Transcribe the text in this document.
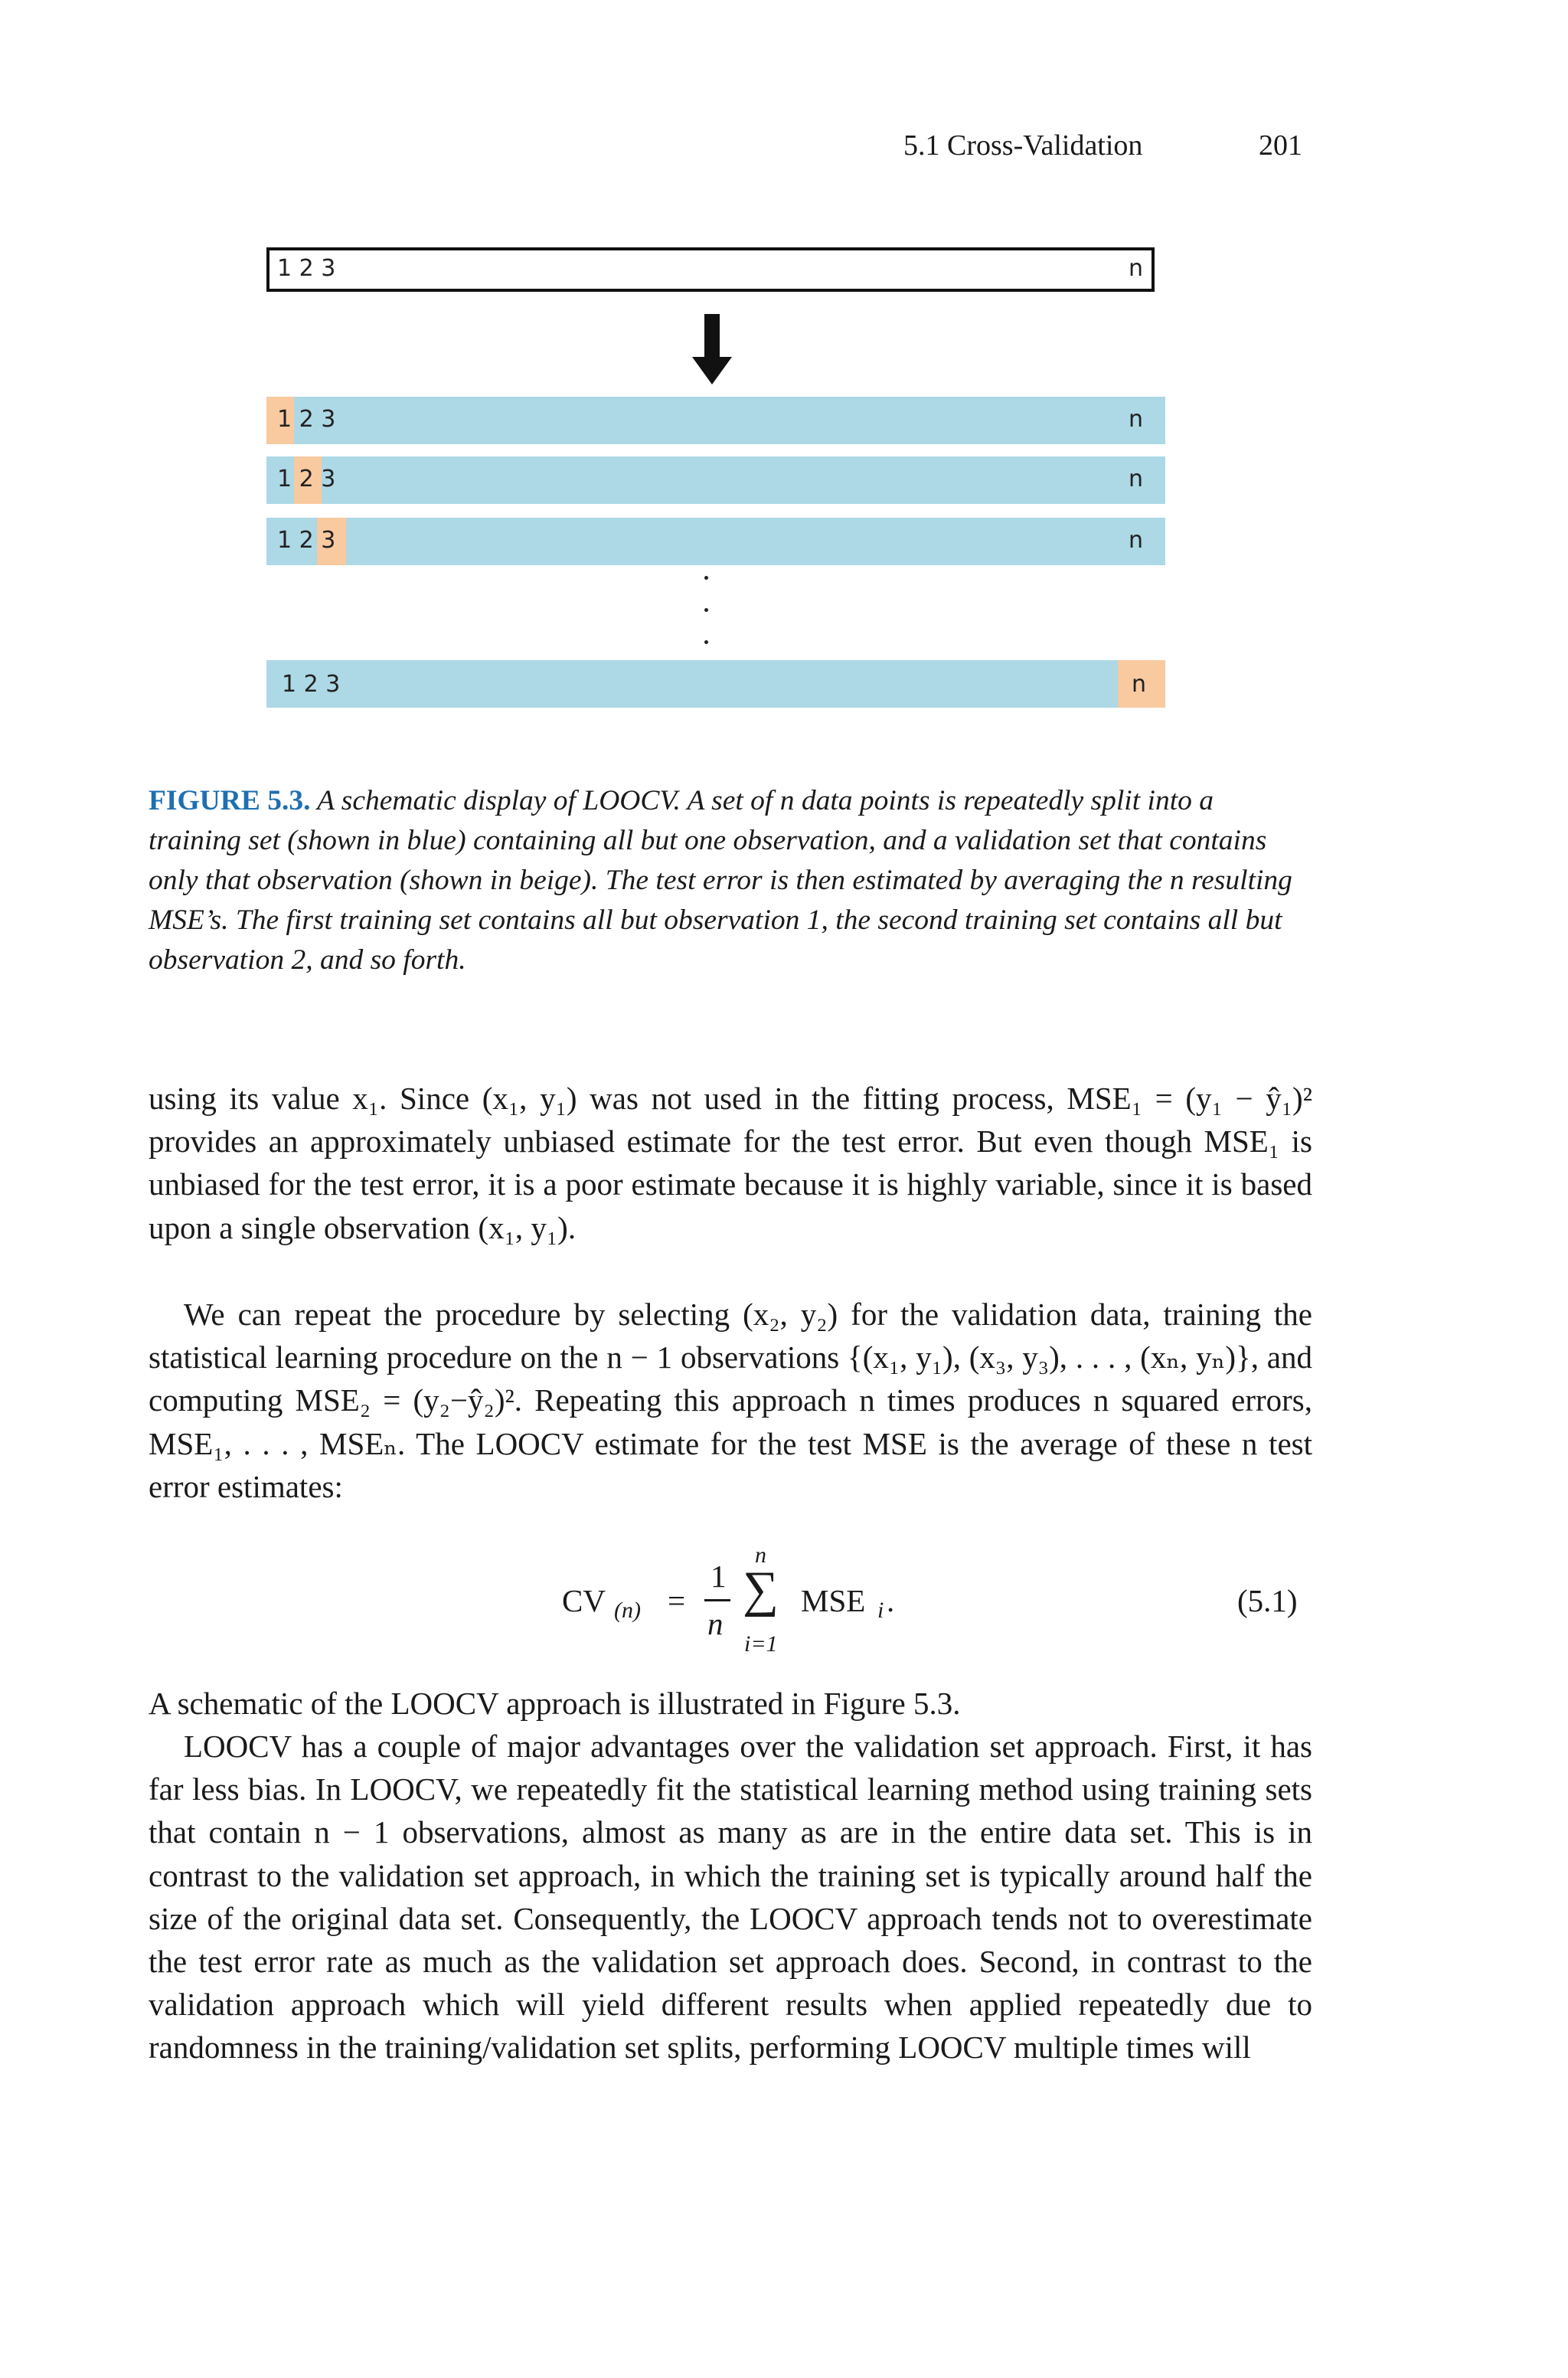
5.1 Cross-Validation	201
1 2 3	n
1 2 3	n
1 2 3	n
1 2 3	n
1 2 3	n
FIGURE 5.3. A schematic display of LOOCV. A set of n data points is repeatedly split into a training set (shown in blue) containing all but one observation, and a validation set that contains only that observation (shown in beige). The test error is then estimated by averaging the n resulting MSE’s. The first training set contains all but observation 1, the second training set contains all but observation 2, and so forth.
using its value x₁. Since (x₁, y₁) was not used in the fitting process, MSE₁ = (y₁ − ŷ₁)² provides an approximately unbiased estimate for the test error. But even though MSE₁ is unbiased for the test error, it is a poor estimate because it is highly variable, since it is based upon a single observation (x₁, y₁).
We can repeat the procedure by selecting (x₂, y₂) for the validation data, training the statistical learning procedure on the n − 1 observations {(x₁, y₁), (x₃, y₃), . . . , (xₙ, yₙ)}, and computing MSE₂ = (y₂−ŷ₂)². Repeating this approach n times produces n squared errors, MSE₁, . . . , MSEₙ. The LOOCV estimate for the test MSE is the average of these n test error estimates:
CV (n) =
1
n
n
∑
i=1
MSE i .	(5.1)
A schematic of the LOOCV approach is illustrated in Figure 5.3.
LOOCV has a couple of major advantages over the validation set approach. First, it has far less bias. In LOOCV, we repeatedly fit the statistical learning method using training sets that contain n − 1 observations, almost as many as are in the entire data set. This is in contrast to the validation set approach, in which the training set is typically around half the size of the original data set. Consequently, the LOOCV approach tends not to overestimate the test error rate as much as the validation set approach does. Second, in contrast to the validation approach which will yield different results when applied repeatedly due to randomness in the training/validation set splits, performing LOOCV multiple times will
